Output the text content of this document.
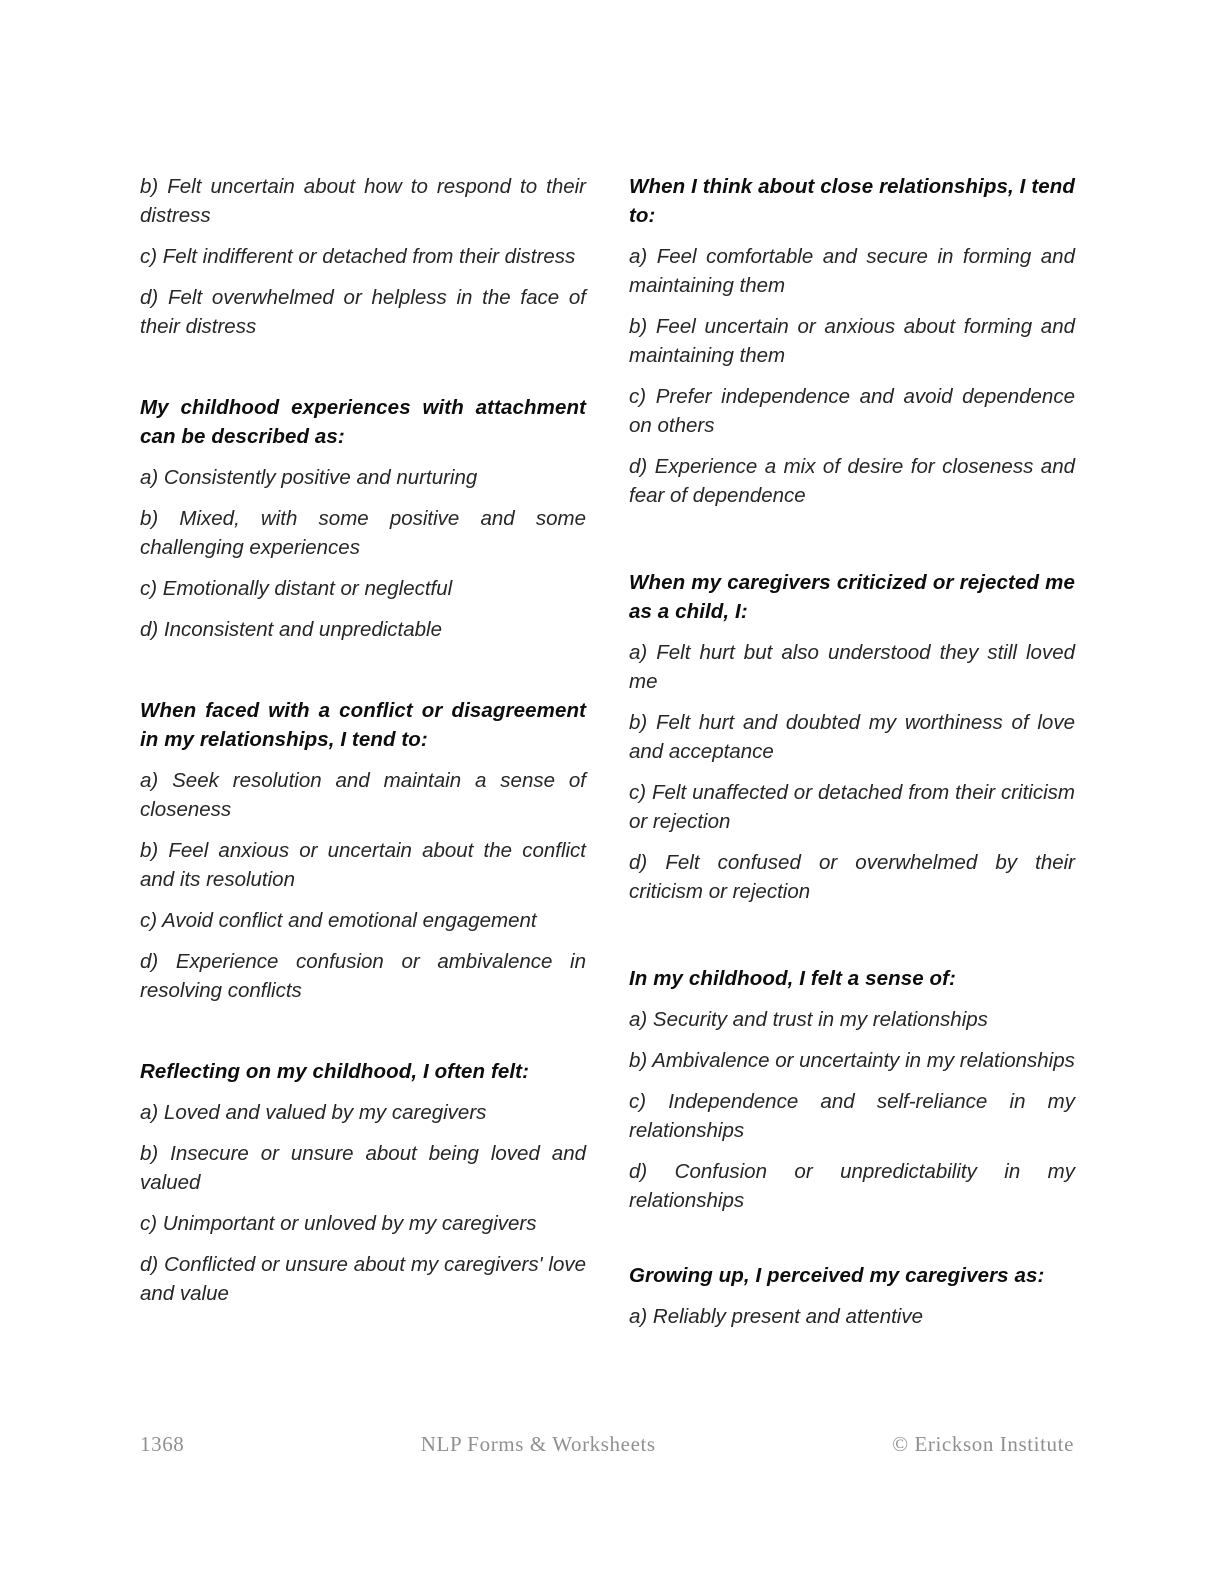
b) Felt uncertain about how to respond to their distress

c) Felt indifferent or detached from their distress

d) Felt overwhelmed or helpless in the face of their distress

My childhood experiences with attachment can be described as:

a) Consistently positive and nurturing

b) Mixed, with some positive and some challenging experiences

c) Emotionally distant or neglectful

d) Inconsistent and unpredictable

When faced with a conflict or disagreement in my relationships, I tend to:

a) Seek resolution and maintain a sense of closeness

b) Feel anxious or uncertain about the conflict and its resolution

c) Avoid conflict and emotional engagement

d) Experience confusion or ambivalence in resolving conflicts

Reflecting on my childhood, I often felt:

a) Loved and valued by my caregivers

b) Insecure or unsure about being loved and valued

c) Unimportant or unloved by my caregivers

d) Conflicted or unsure about my caregivers' love and value

When I think about close relationships, I tend to:

a) Feel comfortable and secure in forming and maintaining them

b) Feel uncertain or anxious about forming and maintaining them

c) Prefer independence and avoid dependence on others

d) Experience a mix of desire for closeness and fear of dependence

When my caregivers criticized or rejected me as a child, I:

a) Felt hurt but also understood they still loved me

b) Felt hurt and doubted my worthiness of love and acceptance

c) Felt unaffected or detached from their criticism or rejection

d) Felt confused or overwhelmed by their criticism or rejection

In my childhood, I felt a sense of:

a) Security and trust in my relationships

b) Ambivalence or uncertainty in my relationships

c) Independence and self-reliance in my relationships

d) Confusion or unpredictability in my relationships

Growing up, I perceived my caregivers as:

a) Reliably present and attentive

1368	NLP Forms & Worksheets	© Erickson Institute
